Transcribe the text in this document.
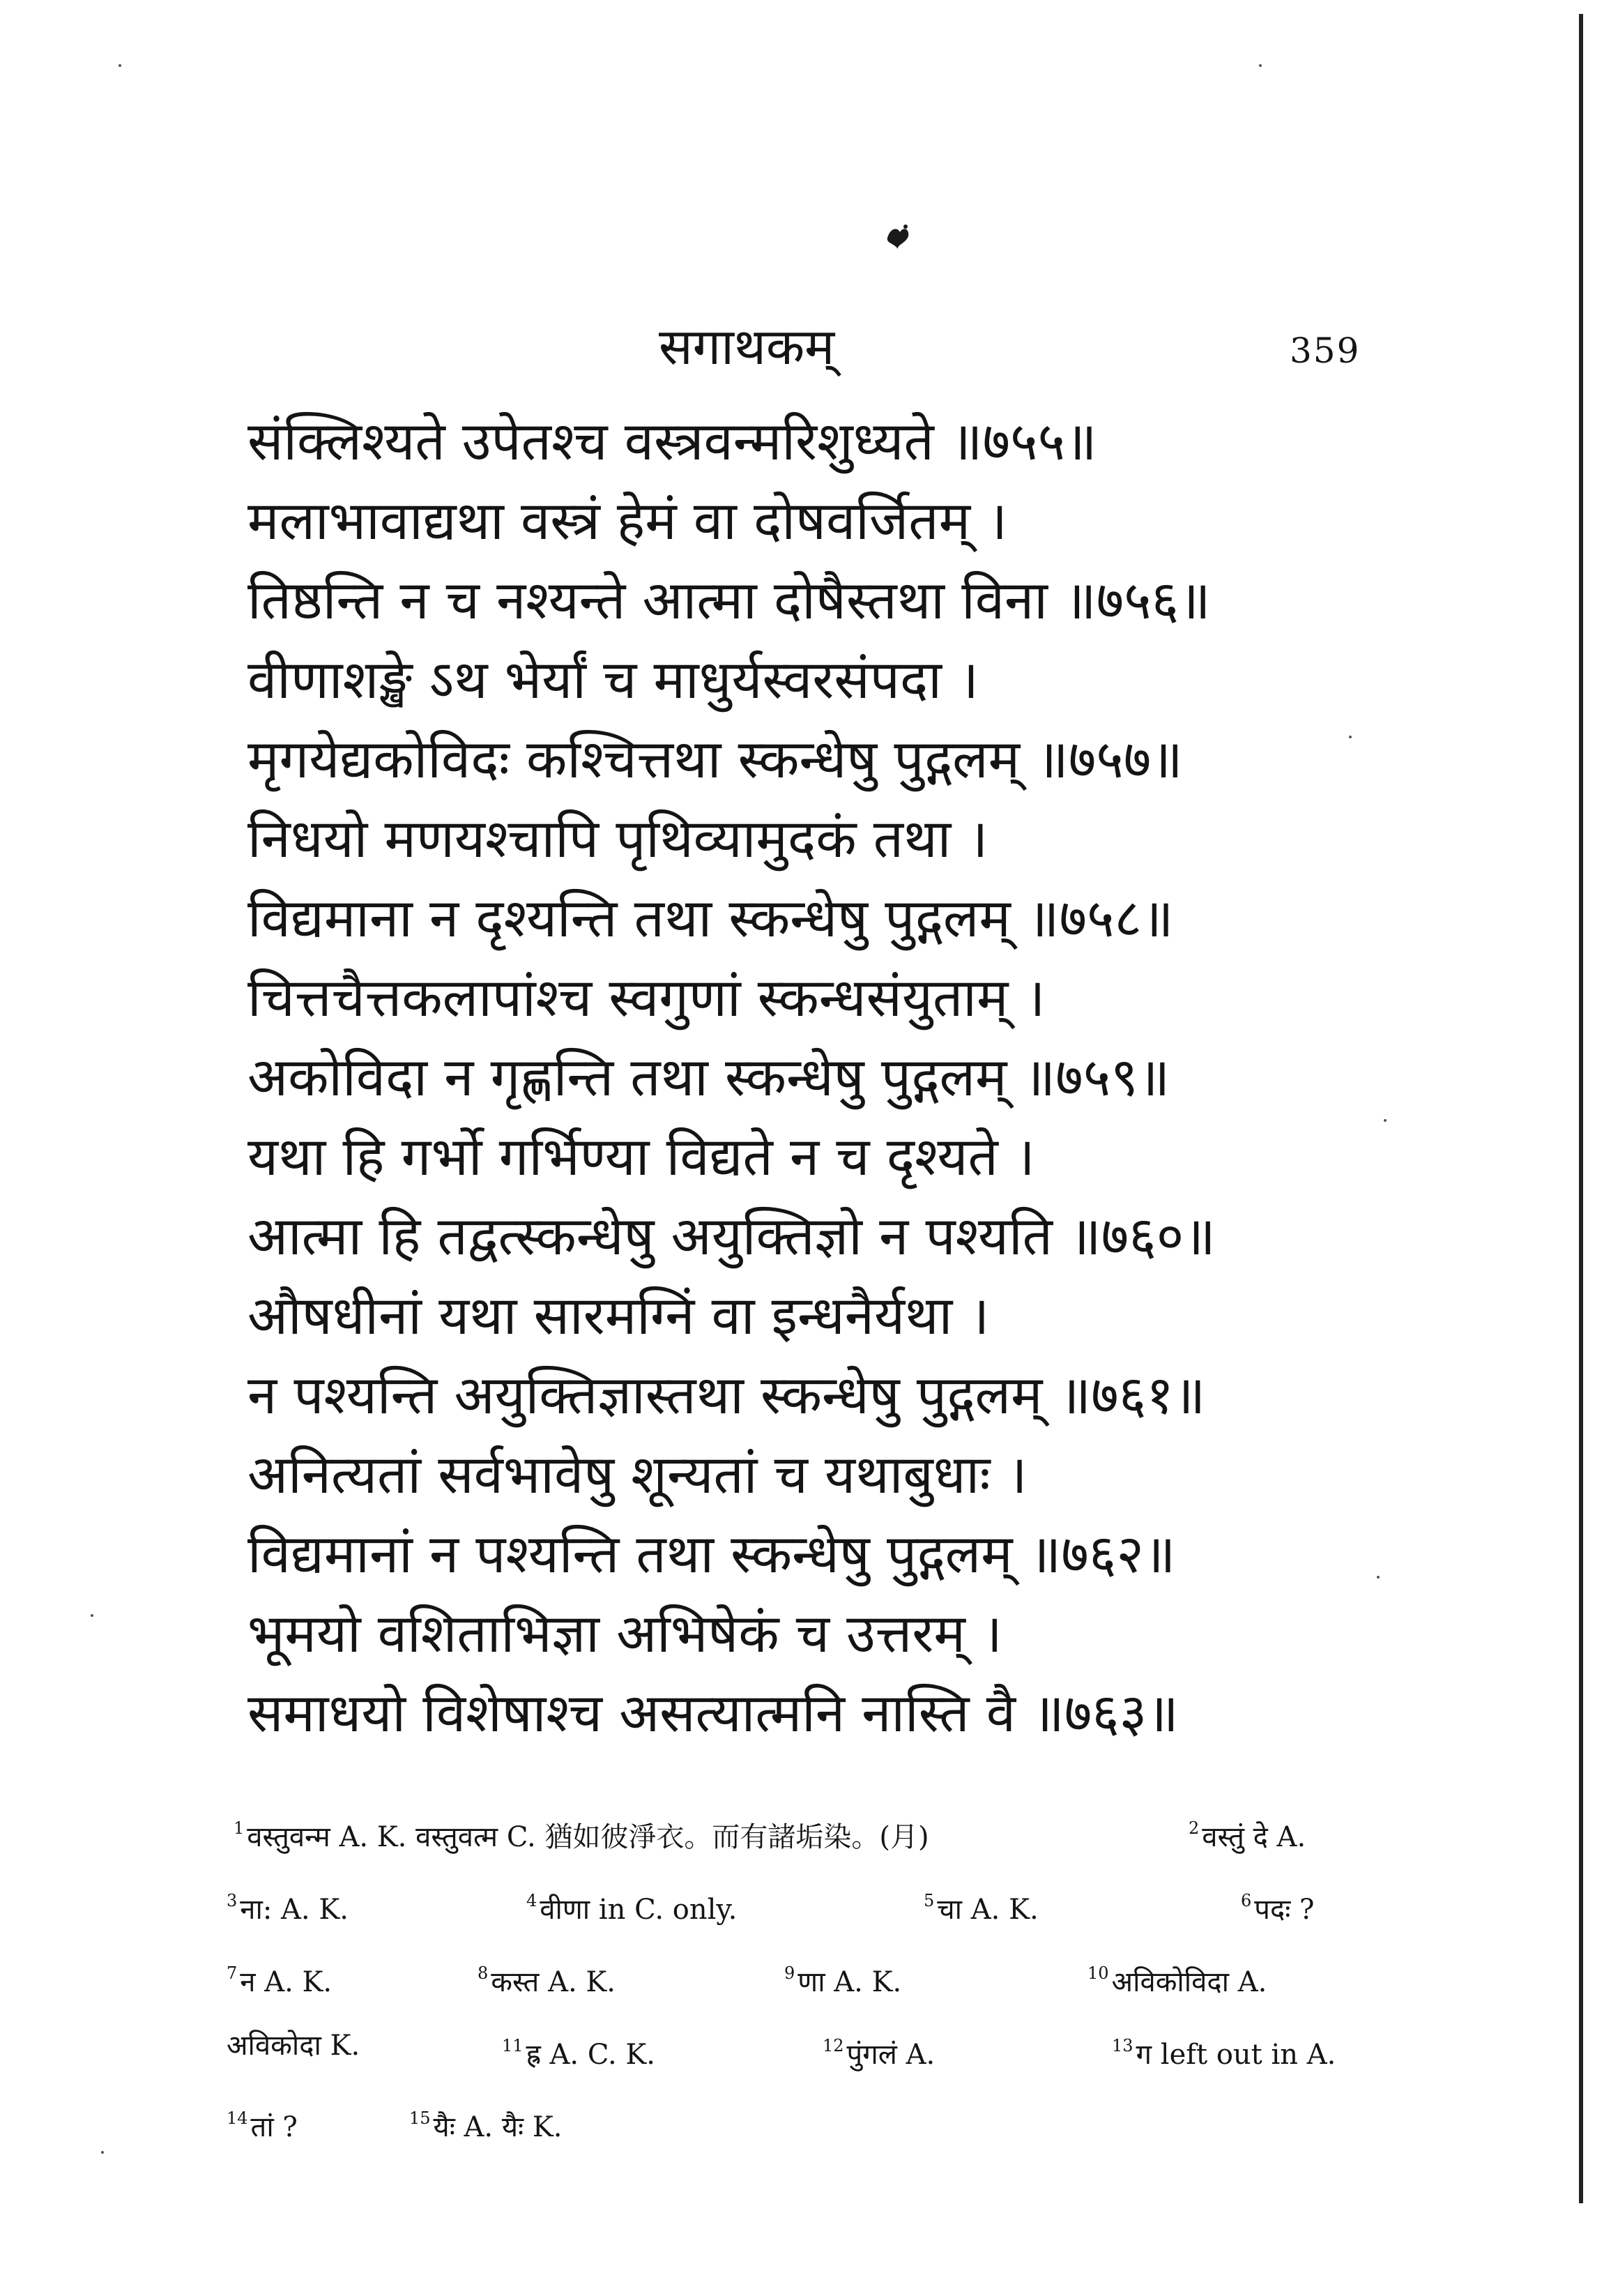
सगाथकम्	359
संक्लिश्यते उपेतश्च वस्त्रवन्मरिशुध्यते ॥७५५॥
मलाभावाद्यथा वस्त्रं हेमं वा दोषवर्जितम् ।
तिष्ठन्ति न च नश्यन्ते आत्मा दोषैस्तथा विना ॥७५६॥
वीणाशङ्खे ऽथ भेर्यां च माधुर्यस्वरसंपदा ।
मृगयेद्यकोविदः कश्चित्तथा स्कन्धेषु पुद्गलम् ॥७५७॥
निधयो मणयश्चापि पृथिव्यामुदकं तथा ।
विद्यमाना न दृश्यन्ति तथा स्कन्धेषु पुद्गलम् ॥७५८॥
चित्तचैत्तकलापांश्च स्वगुणां स्कन्धसंयुताम् ।
अकोविदा न गृह्णन्ति तथा स्कन्धेषु पुद्गलम् ॥७५९॥
यथा हि गर्भो गर्भिण्या विद्यते न च दृश्यते ।
आत्मा हि तद्वत्स्कन्धेषु अयुक्तिज्ञो न पश्यति ॥७६०॥
औषधीनां यथा सारमग्निं वा इन्धनैर्यथा ।
न पश्यन्ति अयुक्तिज्ञास्तथा स्कन्धेषु पुद्गलम् ॥७६१॥
अनित्यतां सर्वभावेषु शून्यतां च यथाबुधाः ।
विद्यमानां न पश्यन्ति तथा स्कन्धेषु पुद्गलम् ॥७६२॥
भूमयो वशिताभिज्ञा अभिषेकं च उत्तरम् ।
समाधयो विशेषाश्च असत्यात्मनि नास्ति वै ॥७६३॥
$^1$ वस्तुवन्म A. K. वस्तुवत्म C. 猶如彼淨衣。而有諸垢染。(月)	$^2$ वस्तुं दे A.
$^3$ ना: A. K.	$^4$ वीणा in C. only.	$^5$ चा A. K.	$^6$ पदः ?
$^7$ न A. K.	$^8$ कस्त A. K.	$^9$ णा A. K.	$^{10}$ अविकोविदा A.
अविकोदा K.	$^{11}$ ह्र A. C. K.	$^{12}$ पुंगलं A.	$^{13}$ ग left out in A.
$^{14}$ तां ?	$^{15}$ यैः A. यैः K.
